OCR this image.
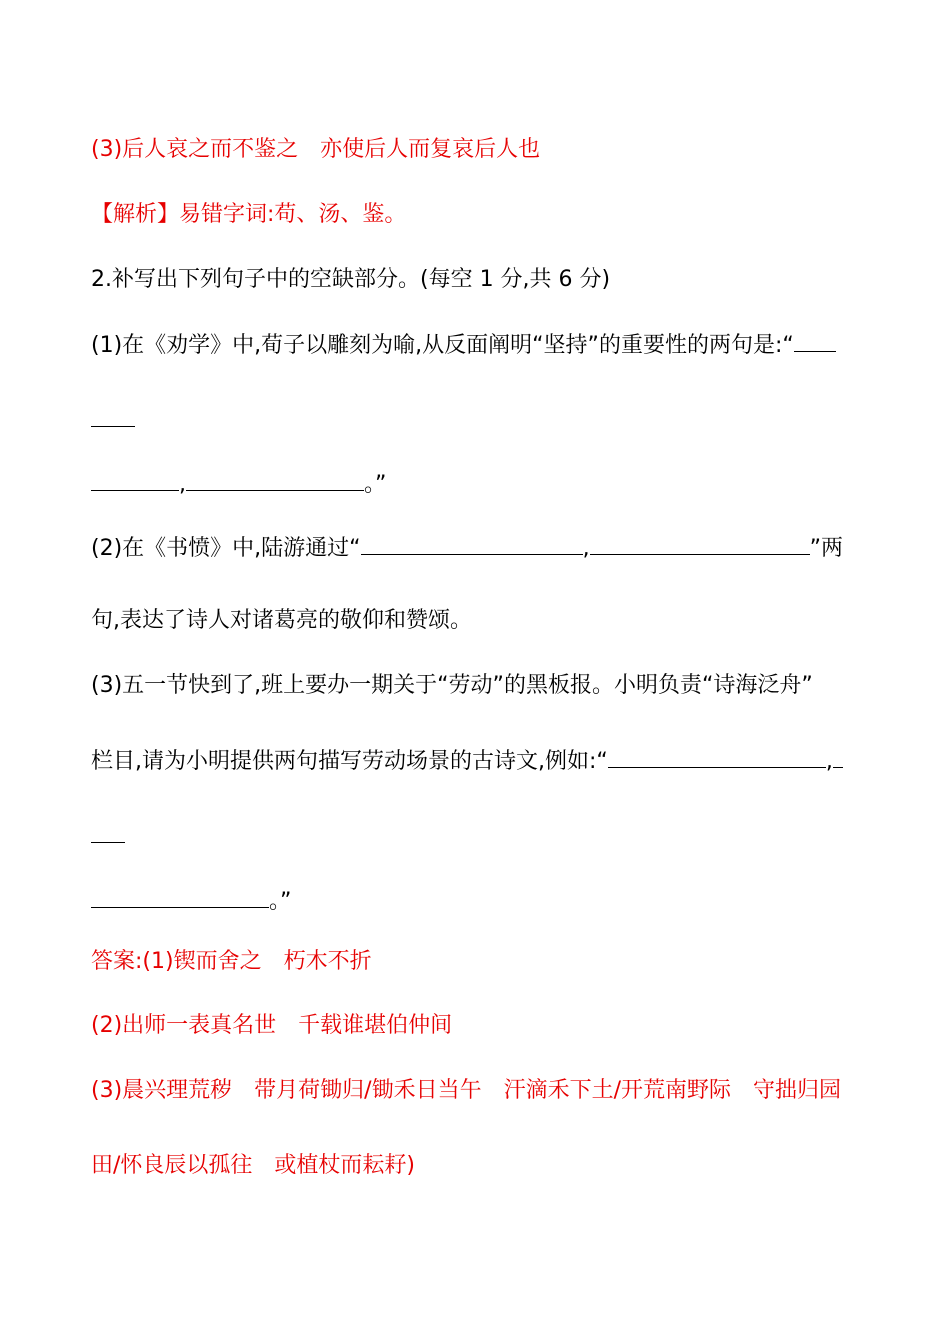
(3)后人哀之而不鉴之 亦使后人而复哀后人也
【解析】易错字词:苟、汤、鉴。
2.补写出下列句子中的空缺部分。(每空 1 分,共 6 分)
(1)在《劝学》中,荀子以雕刻为喻,从反面阐明“坚持”的重要性的两句是:“
,	。”
(2)在《书愤》中,陆游通过“	,	”两
句,表达了诗人对诸葛亮的敬仰和赞颂。
(3)五一节快到了,班上要办一期关于“劳动”的黑板报。小明负责“诗海泛舟”
栏目,请为小明提供两句描写劳动场景的古诗文,例如:“	,
。”
答案:(1)锲而舍之 朽木不折
(2)出师一表真名世 千载谁堪伯仲间
(3)晨兴理荒秽 带月荷锄归/锄禾日当午 汗滴禾下土/开荒南野际 守拙归园
田/怀良辰以孤往 或植杖而耘耔)
